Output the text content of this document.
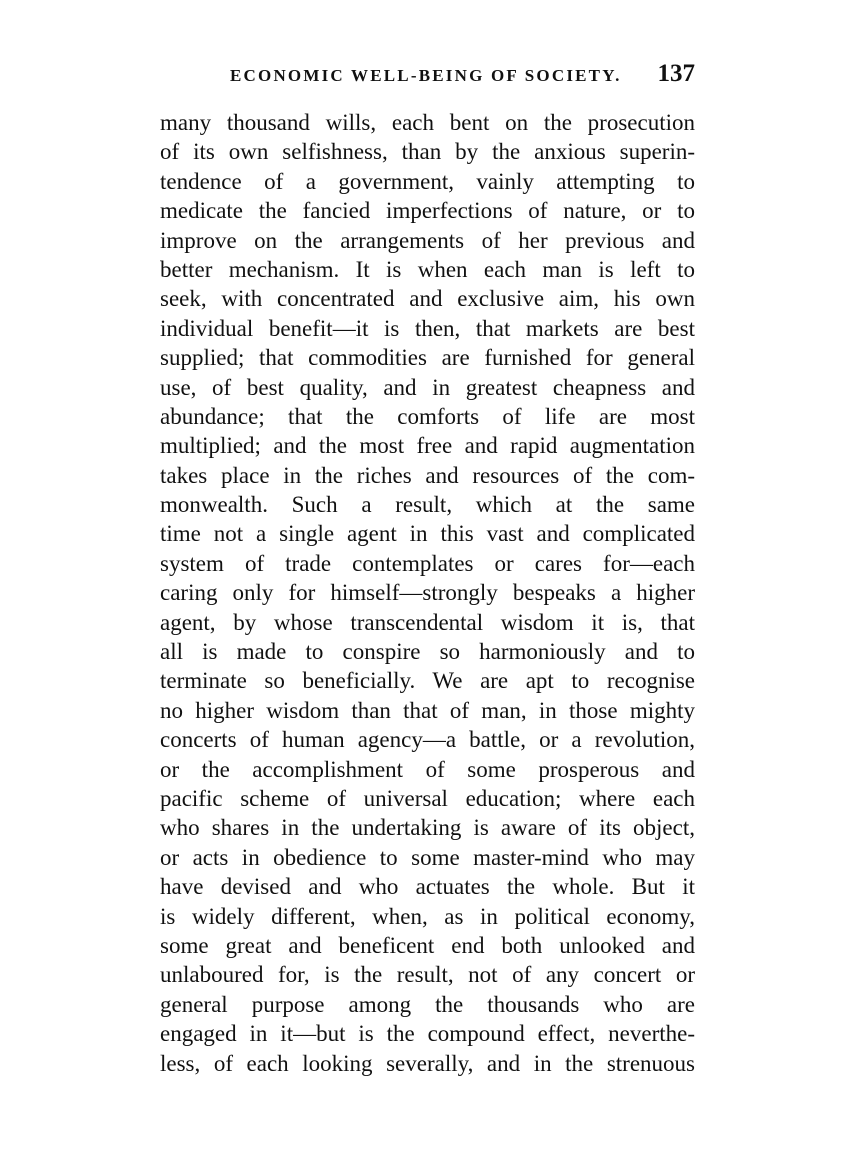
ECONOMIC WELL-BEING OF SOCIETY. 137
many thousand wills, each bent on the prosecution
of its own selfishness, than by the anxious superin-
tendence of a government, vainly attempting to
medicate the fancied imperfections of nature, or to
improve on the arrangements of her previous and
better mechanism. It is when each man is left to
seek, with concentrated and exclusive aim, his own
individual benefit—it is then, that markets are best
supplied; that commodities are furnished for general
use, of best quality, and in greatest cheapness and
abundance; that the comforts of life are most
multiplied; and the most free and rapid augmentation
takes place in the riches and resources of the com-
monwealth. Such a result, which at the same
time not a single agent in this vast and complicated
system of trade contemplates or cares for—each
caring only for himself—strongly bespeaks a higher
agent, by whose transcendental wisdom it is, that
all is made to conspire so harmoniously and to
terminate so beneficially. We are apt to recognise
no higher wisdom than that of man, in those mighty
concerts of human agency—a battle, or a revolution,
or the accomplishment of some prosperous and
pacific scheme of universal education; where each
who shares in the undertaking is aware of its object,
or acts in obedience to some master-mind who may
have devised and who actuates the whole. But it
is widely different, when, as in political economy,
some great and beneficent end both unlooked and
unlaboured for, is the result, not of any concert or
general purpose among the thousands who are
engaged in it—but is the compound effect, neverthe-
less, of each looking severally, and in the strenuous
